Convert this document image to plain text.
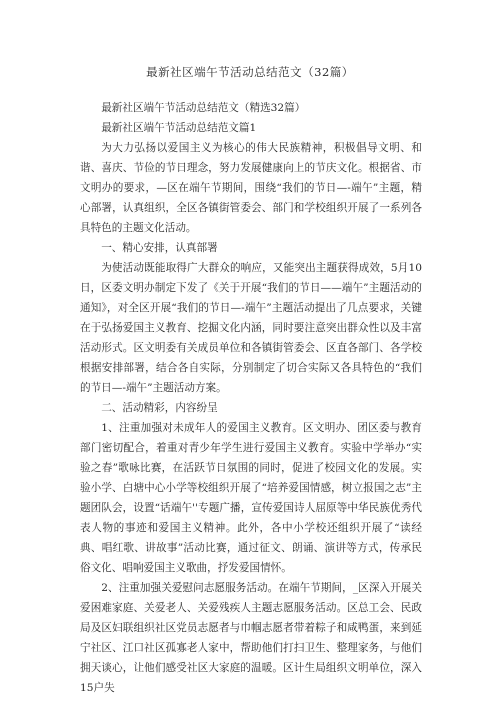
最新社区端午节活动总结范文（32篇）

最新社区端午节活动总结范文（精选32篇）

最新社区端午节活动总结范文篇1

为大力弘扬以爱国主义为核心的伟大民族精神，积极倡导文明、和谐、喜庆、节俭的节日理念，努力发展健康向上的节庆文化。根据省、市文明办的要求，—区在端午节期间，围绕“我们的节日—-端午”主题，精心部署，认真组织，全区各镇街管委会、部门和学校组织开展了一系列各具特色的主题文化活动。

一、精心安排，认真部署

为使活动既能取得广大群众的响应，又能突出主题获得成效，5月10日，区委文明办制定下发了《关于开展“我们的节日——端午”主题活动的通知》，对全区开展“我们的节日—-端午”主题活动提出了几点要求，关键在于弘扬爱国主义教育、挖掘文化内涵，同时要注意突出群众性以及丰富活动形式。区文明委有关成员单位和各镇街管委会、区直各部门、各学校根据安排部署，结合各自实际，分别制定了切合实际又各具特色的“我们的节日—-端午”主题活动方案。

二、活动精彩，内容纷呈

1、注重加强对未成年人的爱国主义教育。区文明办、团区委与教育部门密切配合，着重对青少年学生进行爱国主义教育。实验中学举办“实验之春”歌咏比赛，在活跃节日氛围的同时，促进了校园文化的发展。实验小学、白塘中心小学等校组织开展了“培养爱国情感，树立报国之志”主题团队会，设置“话端午''专题广播，宣传爱国诗人屈原等中华民族优秀代表人物的事迹和爱国主义精神。此外，各中小学校还组织开展了“读经典、唱红歌、讲故事”活动比赛，通过征文、朗诵、演讲等方式，传承民俗文化、唱响爱国主义歌曲，抒发爱国情怀。

2、注重加强关爱慰问志愿服务活动。在端午节期间，_区深入开展关爱困难家庭、关爱老人、关爱残疾人主题志愿服务活动。区总工会、民政局及区妇联组织社区党员志愿者与巾帼志愿者带着粽子和咸鸭蛋，来到延宁社区、江口社区孤寡老人家中，帮助他们打扫卫生、整理家务，与他们拥天谈心，让他们感受社区大家庭的温暖。区计生局组织文明单位，深入15户失
